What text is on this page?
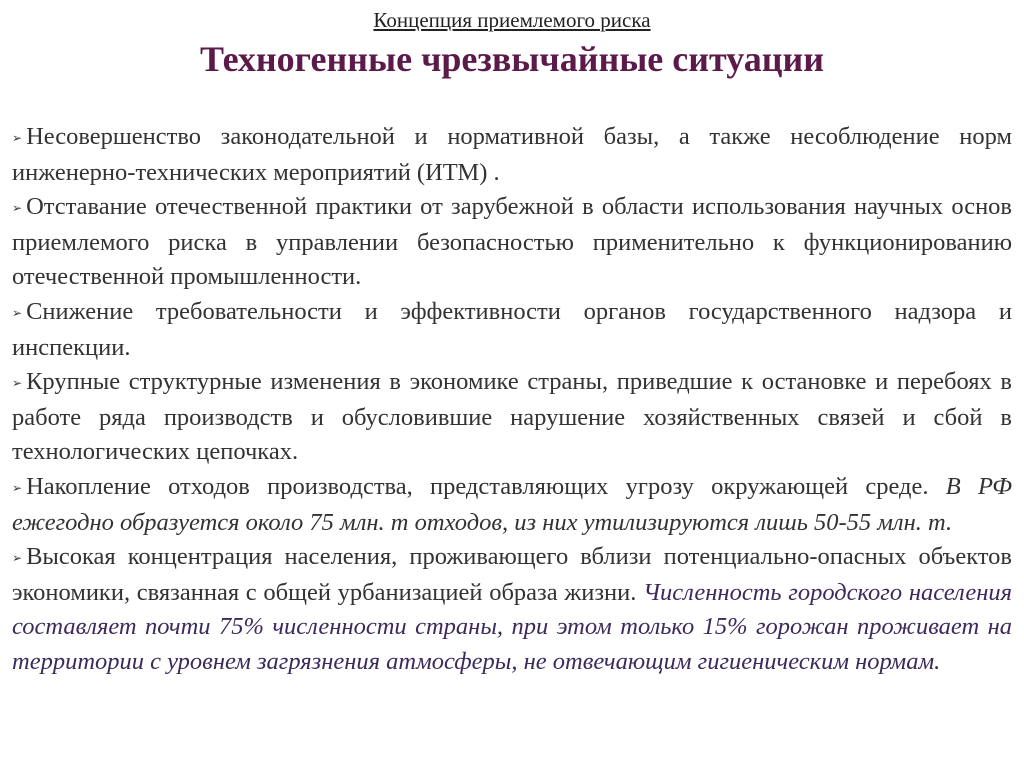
Концепция приемлемого риска
Техногенные чрезвычайные ситуации

➢ Несовершенство законодательной и нормативной базы, а также несоблюдение норм инженерно-технических мероприятий (ИТМ) .

➢ Отставание отечественной практики от зарубежной в области использования научных основ приемлемого риска в управлении безопасностью применительно к функционированию отечественной промышленности.

➢ Снижение требовательности и эффективности органов государственного надзора и инспекции.

➢ Крупные структурные изменения в экономике страны, приведшие к остановке и перебоях в работе ряда производств и обусловившие нарушение хозяйственных связей и сбой в технологических цепочках.

➢ Накопление отходов производства, представляющих угрозу окружающей среде. В РФ ежегодно образуется около 75 млн. т отходов, из них утилизируются лишь 50-55 млн. т.

➢ Высокая концентрация населения, проживающего вблизи потенциально-опасных объектов экономики, связанная с общей урбанизацией образа жизни. Численность городского населения составляет почти 75% численности страны, при этом только 15% горожан проживает на территории с уровнем загрязнения атмосферы, не отвечающим гигиеническим нормам.
